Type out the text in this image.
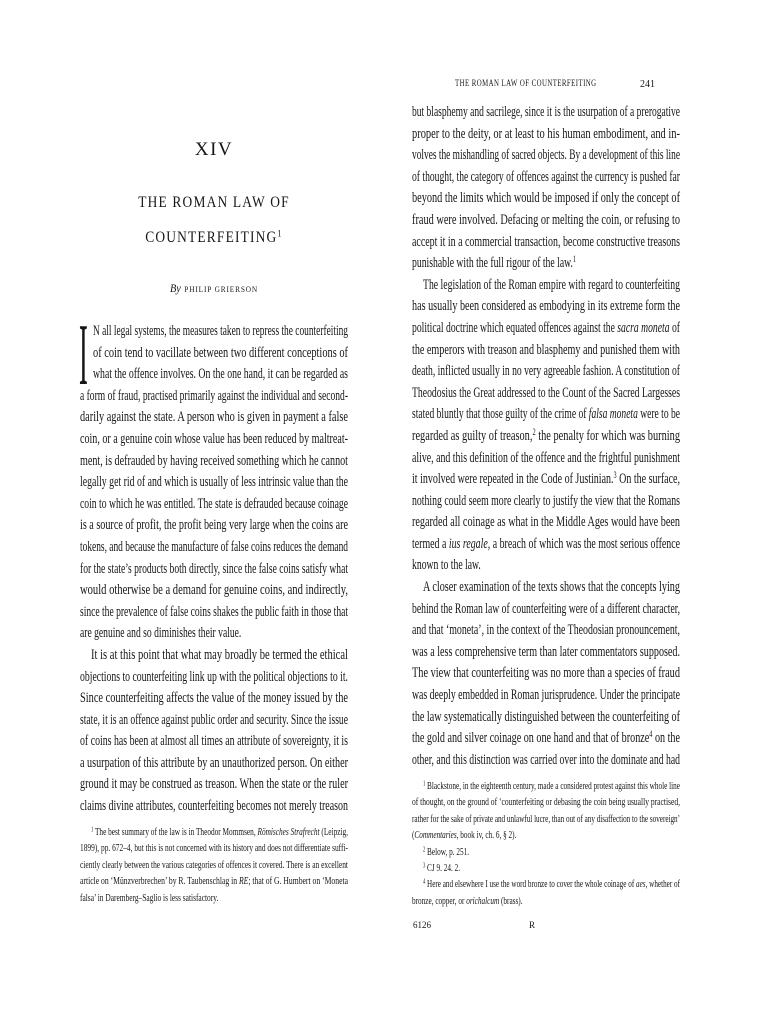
XIV
THE ROMAN LAW OF
COUNTERFEITING$^1$
By PHILIP GRIERSON
I N all legal systems, the measures taken to repress the counterfeiting
of coin tend to vacillate between two different conceptions of
what the offence involves. On the one hand, it can be regarded as
a form of fraud, practised primarily against the individual and second-
darily against the state. A person who is given in payment a false
coin, or a genuine coin whose value has been reduced by maltreat-
ment, is defrauded by having received something which he cannot
legally get rid of and which is usually of less intrinsic value than the
coin to which he was entitled. The state is defrauded because coinage
is a source of profit, the profit being very large when the coins are
tokens, and because the manufacture of false coins reduces the demand
for the state’s products both directly, since the false coins satisfy what
would otherwise be a demand for genuine coins, and indirectly,
since the prevalence of false coins shakes the public faith in those that
are genuine and so diminishes their value.
It is at this point that what may broadly be termed the ethical
objections to counterfeiting link up with the political objections to it.
Since counterfeiting affects the value of the money issued by the
state, it is an offence against public order and security. Since the issue
of coins has been at almost all times an attribute of sovereignty, it is
a usurpation of this attribute by an unauthorized person. On either
ground it may be construed as treason. When the state or the ruler
claims divine attributes, counterfeiting becomes not merely treason
$^1$ The best summary of the law is in Theodor Mommsen, Römisches Strafrecht (Leipzig,
1899), pp. 672–4, but this is not concerned with its history and does not differentiate suffi-
ciently clearly between the various categories of offences it covered. There is an excellent
article on ‘Münzverbrechen’ by R. Taubenschlag in RE; that of G. Humbert on ‘Moneta
falsa’ in Daremberg–Saglio is less satisfactory.
THE ROMAN LAW OF COUNTERFEITING	241
but blasphemy and sacrilege, since it is the usurpation of a prerogative
proper to the deity, or at least to his human embodiment, and in-
volves the mishandling of sacred objects. By a development of this line
of thought, the category of offences against the currency is pushed far
beyond the limits which would be imposed if only the concept of
fraud were involved. Defacing or melting the coin, or refusing to
accept it in a commercial transaction, become constructive treasons
punishable with the full rigour of the law.$^1$
The legislation of the Roman empire with regard to counterfeiting
has usually been considered as embodying in its extreme form the
political doctrine which equated offences against the sacra moneta of
the emperors with treason and blasphemy and punished them with
death, inflicted usually in no very agreeable fashion. A constitution of
Theodosius the Great addressed to the Count of the Sacred Largesses
stated bluntly that those guilty of the crime of falsa moneta were to be
regarded as guilty of treason,$^2$ the penalty for which was burning
alive, and this definition of the offence and the frightful punishment
it involved were repeated in the Code of Justinian.$^3$ On the surface,
nothing could seem more clearly to justify the view that the Romans
regarded all coinage as what in the Middle Ages would have been
termed a ius regale, a breach of which was the most serious offence
known to the law.
A closer examination of the texts shows that the concepts lying
behind the Roman law of counterfeiting were of a different character,
and that ‘moneta’, in the context of the Theodosian pronouncement,
was a less comprehensive term than later commentators supposed.
The view that counterfeiting was no more than a species of fraud
was deeply embedded in Roman jurisprudence. Under the principate
the law systematically distinguished between the counterfeiting of
the gold and silver coinage on one hand and that of bronze$^4$ on the
other, and this distinction was carried over into the dominate and had
$^1$ Blackstone, in the eighteenth century, made a considered protest against this whole line
of thought, on the ground of ‘counterfeiting or debasing the coin being usually practised,
rather for the sake of private and unlawful lucre, than out of any disaffection to the sovereign’
(Commentaries, book iv, ch. 6, § 2).
$^2$ Below, p. 251.
$^3$ CJ 9. 24. 2.
$^4$ Here and elsewhere I use the word bronze to cover the whole coinage of aes, whether of
bronze, copper, or orichalcum (brass).
6126	R
